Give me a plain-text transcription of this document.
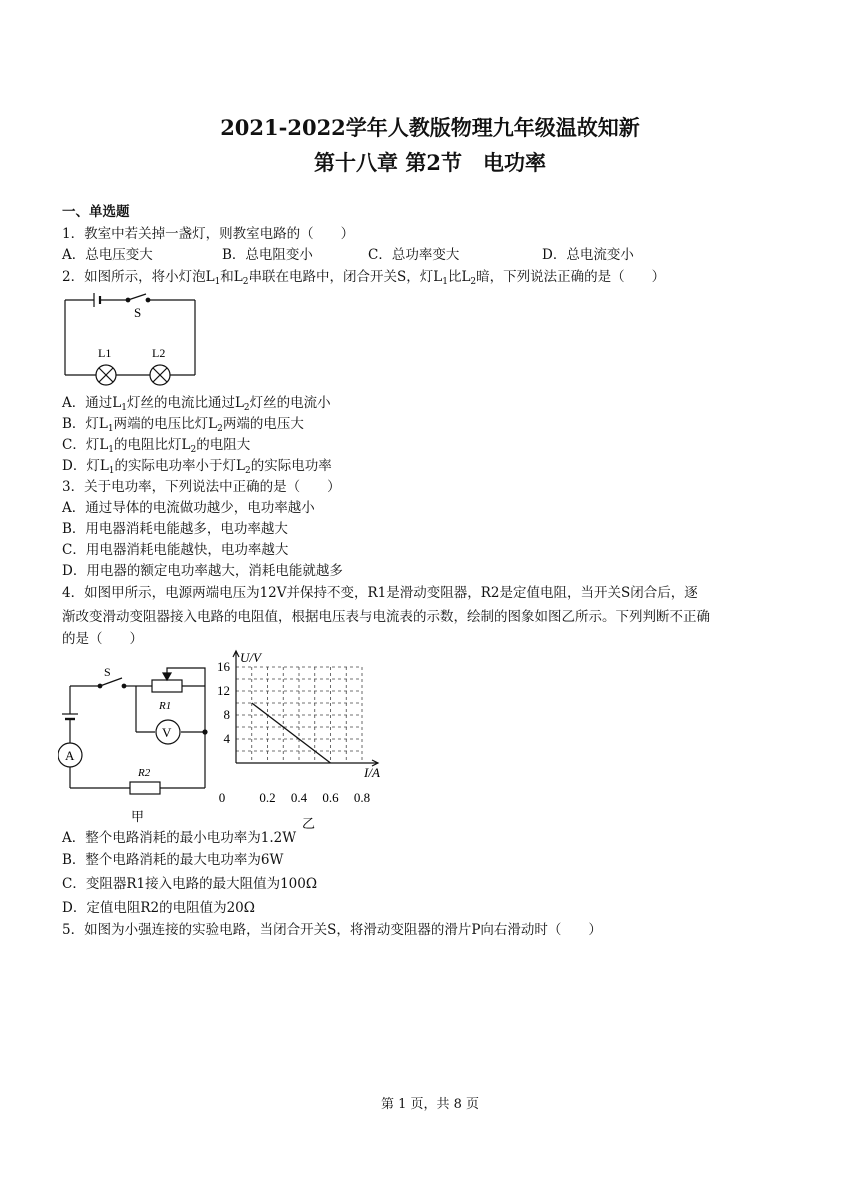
2021-2022学年人教版物理九年级温故知新
第十八章 第2节　电功率
一、单选题
1．教室中若关掉一盏灯，则教室电路的（　　）
A．总电压变大	B．总电阻变小	C．总功率变大	D．总电流变小
2．如图所示，将小灯泡$L_1$和$L_2$串联在电路中，闭合开关S，灯$L_1$比$L_2$暗，下列说法正确的是（　　）
S
L1	L2
A．通过$L_1$灯丝的电流比通过$L_2$灯丝的电流小
B．灯$L_1$两端的电压比灯$L_2$两端的电压大
C．灯$L_1$的电阻比灯$L_2$的电阻大
D．灯$L_1$的实际电功率小于灯$L_2$的实际电功率
3．关于电功率，下列说法中正确的是（　　）
A．通过导体的电流做功越少，电功率越小
B．用电器消耗电能越多，电功率越大
C．用电器消耗电能越快，电功率越大
D．用电器的额定电功率越大，消耗电能就越多
4．如图甲所示，电源两端电压为12V并保持不变，R1是滑动变阻器，R2是定值电阻，当开关S闭合后，逐
渐改变滑动变阻器接入电路的电阻值，根据电压表与电流表的示数，绘制的图象如图乙所示。下列判断不正确
的是（　　）
S
R1
V
A
R2
甲
0	0.2 0.4 0.6 0.8
4
8
12
16
U/V
I/A
乙
A．整个电路消耗的最小电功率为1.2W
B．整个电路消耗的最大电功率为6W
C．变阻器R1接入电路的最大阻值为100Ω
D．定值电阻R2的电阻值为20Ω
5．如图为小强连接的实验电路，当闭合开关S，将滑动变阻器的滑片P向右滑动时（　　）
第 1 页，共 8 页
